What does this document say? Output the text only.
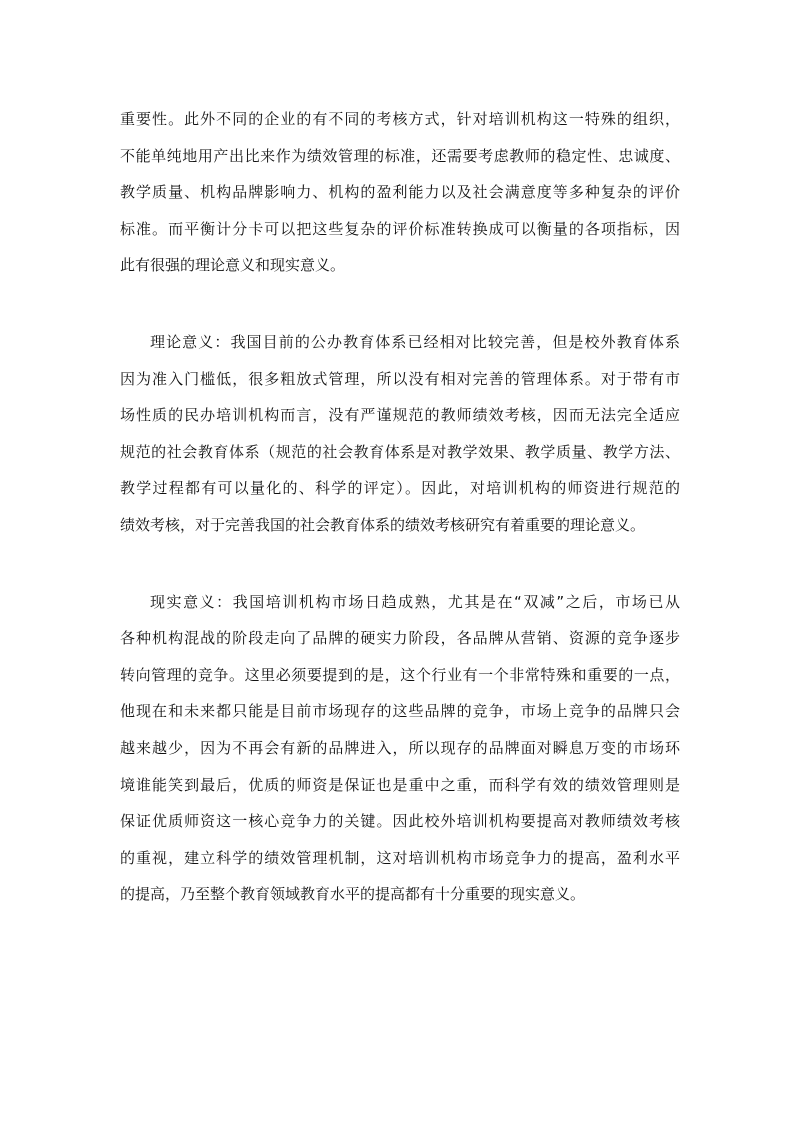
重要性。此外不同的企业的有不同的考核方式，针对培训机构这一特殊的组织，
不能单纯地用产出比来作为绩效管理的标准，还需要考虑教师的稳定性、忠诚度、
教学质量、机构品牌影响力、机构的盈利能力以及社会满意度等多种复杂的评价
标准。而平衡计分卡可以把这些复杂的评价标准转换成可以衡量的各项指标，因
此有很强的理论意义和现实意义。
理论意义：我国目前的公办教育体系已经相对比较完善，但是校外教育体系
因为准入门槛低，很多粗放式管理，所以没有相对完善的管理体系。对于带有市
场性质的民办培训机构而言，没有严谨规范的教师绩效考核，因而无法完全适应
规范的社会教育体系（规范的社会教育体系是对教学效果、教学质量、教学方法、
教学过程都有可以量化的、科学的评定）。因此，对培训机构的师资进行规范的
绩效考核，对于完善我国的社会教育体系的绩效考核研究有着重要的理论意义。
现实意义：我国培训机构市场日趋成熟，尤其是在“双减”之后，市场已从
各种机构混战的阶段走向了品牌的硬实力阶段，各品牌从营销、资源的竞争逐步
转向管理的竞争。这里必须要提到的是，这个行业有一个非常特殊和重要的一点，
他现在和未来都只能是目前市场现存的这些品牌的竞争，市场上竞争的品牌只会
越来越少，因为不再会有新的品牌进入，所以现存的品牌面对瞬息万变的市场环
境谁能笑到最后，优质的师资是保证也是重中之重，而科学有效的绩效管理则是
保证优质师资这一核心竞争力的关键。因此校外培训机构要提高对教师绩效考核
的重视，建立科学的绩效管理机制，这对培训机构市场竞争力的提高，盈利水平
的提高，乃至整个教育领域教育水平的提高都有十分重要的现实意义。
